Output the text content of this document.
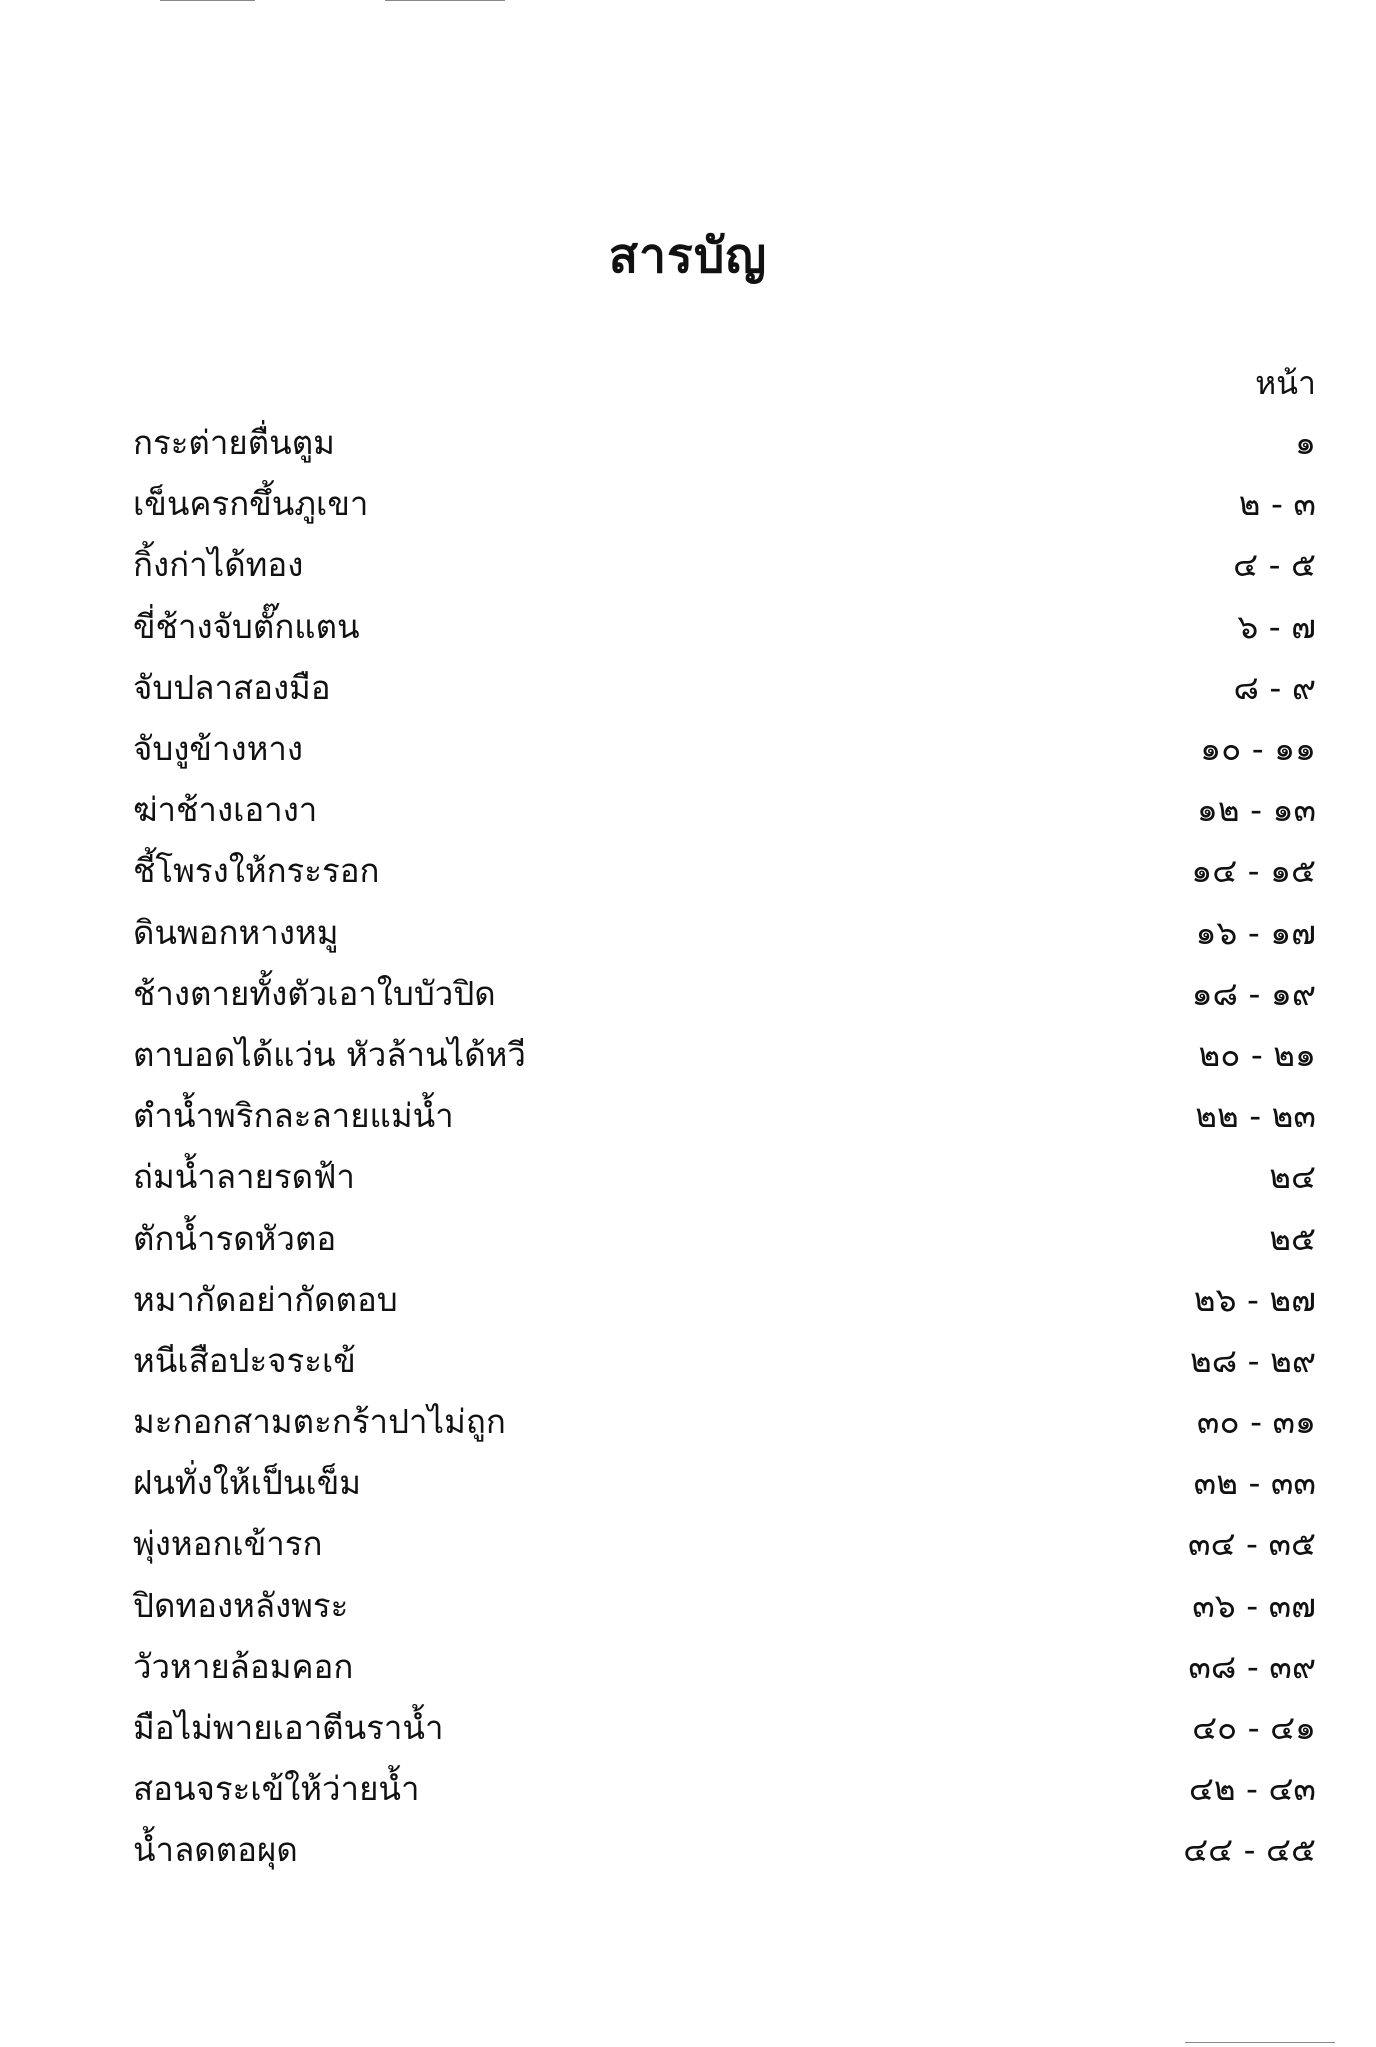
สารบัญ
หน้า
กระต่ายตื่นตูม	๑
เข็นครกขึ้นภูเขา	๒ - ๓
กิ้งก่าได้ทอง	๔ - ๕
ขี่ช้างจับตั๊กแตน	๖ - ๗
จับปลาสองมือ	๘ - ๙
จับงูข้างหาง	๑๐ - ๑๑
ฆ่าช้างเอางา	๑๒ - ๑๓
ชี้โพรงให้กระรอก	๑๔ - ๑๕
ดินพอกหางหมู	๑๖ - ๑๗
ช้างตายทั้งตัวเอาใบบัวปิด	๑๘ - ๑๙
ตาบอดได้แว่น หัวล้านได้หวี	๒๐ - ๒๑
ตำน้ำพริกละลายแม่น้ำ	๒๒ - ๒๓
ถ่มน้ำลายรดฟ้า	๒๔
ตักน้ำรดหัวตอ	๒๕
หมากัดอย่ากัดตอบ	๒๖ - ๒๗
หนีเสือปะจระเข้	๒๘ - ๒๙
มะกอกสามตะกร้าปาไม่ถูก	๓๐ - ๓๑
ฝนทั่งให้เป็นเข็ม	๓๒ - ๓๓
พุ่งหอกเข้ารก	๓๔ - ๓๕
ปิดทองหลังพระ	๓๖ - ๓๗
วัวหายล้อมคอก	๓๘ - ๓๙
มือไม่พายเอาตีนราน้ำ	๔๐ - ๔๑
สอนจระเข้ให้ว่ายน้ำ	๔๒ - ๔๓
น้ำลดตอผุด	๔๔ - ๔๕
